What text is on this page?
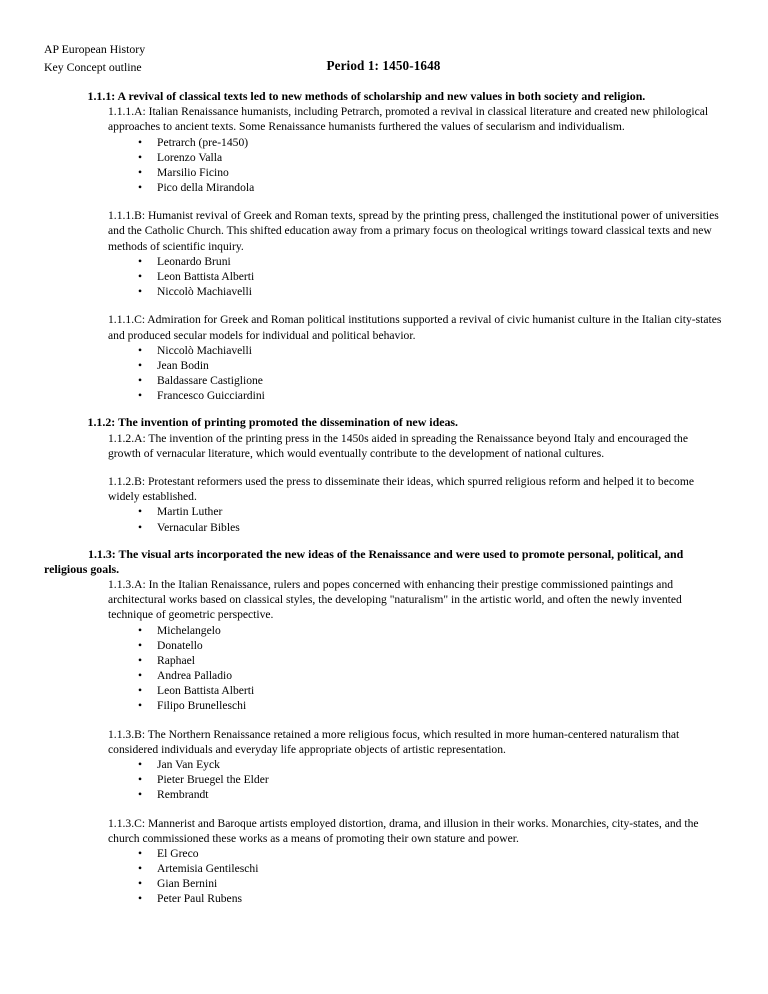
AP European History
Key Concept outline	Period 1: 1450-1648
1.1.1: A revival of classical texts led to new methods of scholarship and new values in both society and religion.
1.1.1.A: Italian Renaissance humanists, including Petrarch, promoted a revival in classical literature and created new philological approaches to ancient texts. Some Renaissance humanists furthered the values of secularism and individualism.
•	Petrarch (pre-1450)
•	Lorenzo Valla
•	Marsilio Ficino
•	Pico della Mirandola
1.1.1.B: Humanist revival of Greek and Roman texts, spread by the printing press, challenged the institutional power of universities and the Catholic Church. This shifted education away from a primary focus on theological writings toward classical texts and new methods of scientific inquiry.
•	Leonardo Bruni
•	Leon Battista Alberti
•	Niccolò Machiavelli
1.1.1.C: Admiration for Greek and Roman political institutions supported a revival of civic humanist culture in the Italian city-states and produced secular models for individual and political behavior.
•	Niccolò Machiavelli
•	Jean Bodin
•	Baldassare Castiglione
•	Francesco Guicciardini
1.1.2: The invention of printing promoted the dissemination of new ideas.
1.1.2.A: The invention of the printing press in the 1450s aided in spreading the Renaissance beyond Italy and encouraged the growth of vernacular literature, which would eventually contribute to the development of national cultures.
1.1.2.B: Protestant reformers used the press to disseminate their ideas, which spurred religious reform and helped it to become widely established.
•	Martin Luther
•	Vernacular Bibles
1.1.3: The visual arts incorporated the new ideas of the Renaissance and were used to promote personal, political, and religious goals.
1.1.3.A: In the Italian Renaissance, rulers and popes concerned with enhancing their prestige commissioned paintings and architectural works based on classical styles, the developing "naturalism" in the artistic world, and often the newly invented technique of geometric perspective.
•	Michelangelo
•	Donatello
•	Raphael
•	Andrea Palladio
•	Leon Battista Alberti
•	Filipo Brunelleschi
1.1.3.B: The Northern Renaissance retained a more religious focus, which resulted in more human-centered naturalism that considered individuals and everyday life appropriate objects of artistic representation.
•	Jan Van Eyck
•	Pieter Bruegel the Elder
•	Rembrandt
1.1.3.C: Mannerist and Baroque artists employed distortion, drama, and illusion in their works. Monarchies, city-states, and the church commissioned these works as a means of promoting their own stature and power.
•	El Greco
•	Artemisia Gentileschi
•	Gian Bernini
•	Peter Paul Rubens
